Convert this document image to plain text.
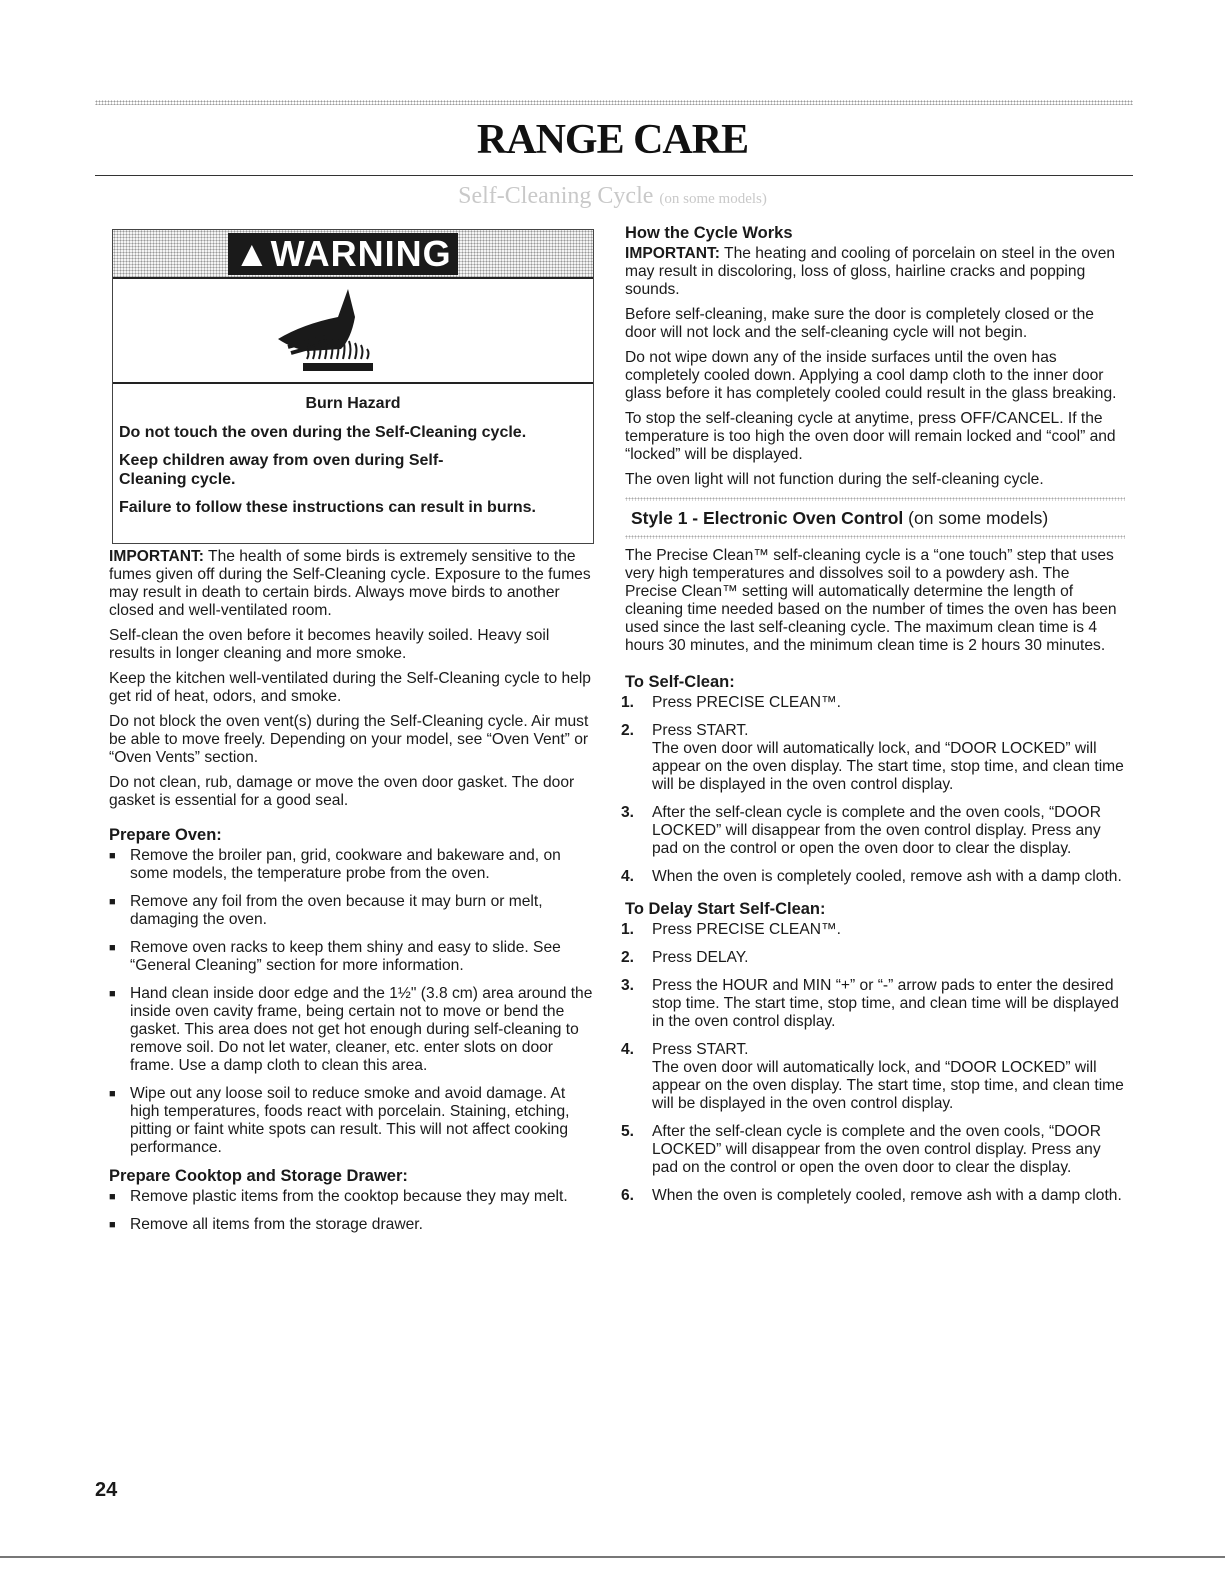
RANGE CARE
Self-Cleaning Cycle (on some models)
▲WARNING
Burn Hazard
Do not touch the oven during the Self-Cleaning cycle.
Keep children away from oven during Self-Cleaning cycle.
Failure to follow these instructions can result in burns.

IMPORTANT: The health of some birds is extremely sensitive to the fumes given off during the Self-Cleaning cycle. Exposure to the fumes may result in death to certain birds. Always move birds to another closed and well-ventilated room.

Self-clean the oven before it becomes heavily soiled. Heavy soil results in longer cleaning and more smoke.

Keep the kitchen well-ventilated during the Self-Cleaning cycle to help get rid of heat, odors, and smoke.

Do not block the oven vent(s) during the Self-Cleaning cycle. Air must be able to move freely. Depending on your model, see “Oven Vent” or “Oven Vents” section.

Do not clean, rub, damage or move the oven door gasket. The door gasket is essential for a good seal.

Prepare Oven:
■ Remove the broiler pan, grid, cookware and bakeware and, on some models, the temperature probe from the oven.
■ Remove any foil from the oven because it may burn or melt, damaging the oven.
■ Remove oven racks to keep them shiny and easy to slide. See “General Cleaning” section for more information.
■ Hand clean inside door edge and the 1½" (3.8 cm) area around the inside oven cavity frame, being certain not to move or bend the gasket. This area does not get hot enough during self-cleaning to remove soil. Do not let water, cleaner, etc. enter slots on door frame. Use a damp cloth to clean this area.
■ Wipe out any loose soil to reduce smoke and avoid damage. At high temperatures, foods react with porcelain. Staining, etching, pitting or faint white spots can result. This will not affect cooking performance.
Prepare Cooktop and Storage Drawer:
■ Remove plastic items from the cooktop because they may melt.
■ Remove all items from the storage drawer.
How the Cycle Works

IMPORTANT: The heating and cooling of porcelain on steel in the oven may result in discoloring, loss of gloss, hairline cracks and popping sounds.

Before self-cleaning, make sure the door is completely closed or the door will not lock and the self-cleaning cycle will not begin.

Do not wipe down any of the inside surfaces until the oven has completely cooled down. Applying a cool damp cloth to the inner door glass before it has completely cooled could result in the glass breaking.

To stop the self-cleaning cycle at anytime, press OFF/CANCEL. If the temperature is too high the oven door will remain locked and “cool” and “locked” will be displayed.

The oven light will not function during the self-cleaning cycle.

Style 1 - Electronic Oven Control (on some models)

The Precise Clean™ self-cleaning cycle is a “one touch” step that uses very high temperatures and dissolves soil to a powdery ash. The Precise Clean™ setting will automatically determine the length of cleaning time needed based on the number of times the oven has been used since the last self-cleaning cycle. The maximum clean time is 4 hours 30 minutes, and the minimum clean time is 2 hours 30 minutes.

To Self-Clean:
1. Press PRECISE CLEAN™.
2. Press START.
The oven door will automatically lock, and “DOOR LOCKED” will appear on the oven display. The start time, stop time, and clean time will be displayed in the oven control display.
3. After the self-clean cycle is complete and the oven cools, “DOOR LOCKED” will disappear from the oven control display. Press any pad on the control or open the oven door to clear the display.
4. When the oven is completely cooled, remove ash with a damp cloth.
To Delay Start Self-Clean:
1. Press PRECISE CLEAN™.
2. Press DELAY.
3. Press the HOUR and MIN “+” or “-” arrow pads to enter the desired stop time. The start time, stop time, and clean time will be displayed in the oven control display.
4. Press START.
The oven door will automatically lock, and “DOOR LOCKED” will appear on the oven display. The start time, stop time, and clean time will be displayed in the oven control display.
5. After the self-clean cycle is complete and the oven cools, “DOOR LOCKED” will disappear from the oven control display. Press any pad on the control or open the oven door to clear the display.
6. When the oven is completely cooled, remove ash with a damp cloth.
24
